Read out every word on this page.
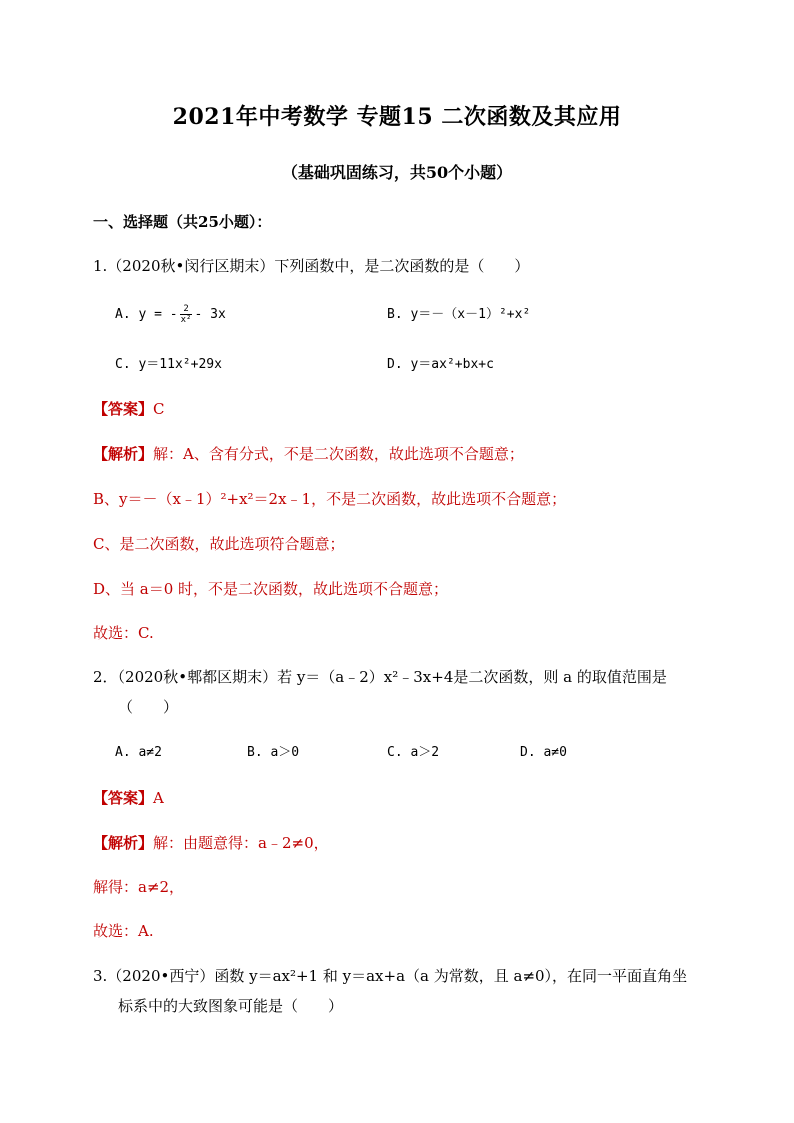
2021年中考数学 专题15 二次函数及其应用
（基础巩固练习，共50个小题）
一、选择题（共25小题）：
1.（2020秋•闵行区期末）下列函数中，是二次函数的是（　　）
A. y = - $\frac{2}{\text{x²}} - 3x$	B. y＝－（x－1）²+x²
C. y＝11x²+29x	D. y＝ax²+bx+c
【答案】C
【解析】解：A、含有分式，不是二次函数，故此选项不合题意；
B、y＝－（x﹣1）²+x²＝2x﹣1，不是二次函数，故此选项不合题意；
C、是二次函数，故此选项符合题意；
D、当 a＝0 时，不是二次函数，故此选项不合题意；
故选：C.
2．（2020秋•郫都区期末）若 y＝（a﹣2）x²﹣3x+4是二次函数，则 a 的取值范围是
（　　）
A. a≠2	B. a＞0	C. a＞2	D. a≠0
【答案】A
【解析】解：由题意得：a﹣2≠0，
解得：a≠2，
故选：A.
3.（2020•西宁）函数 y＝ax²+1 和 y＝ax+a（a 为常数，且 a≠0），在同一平面直角坐
标系中的大致图象可能是（　　）
